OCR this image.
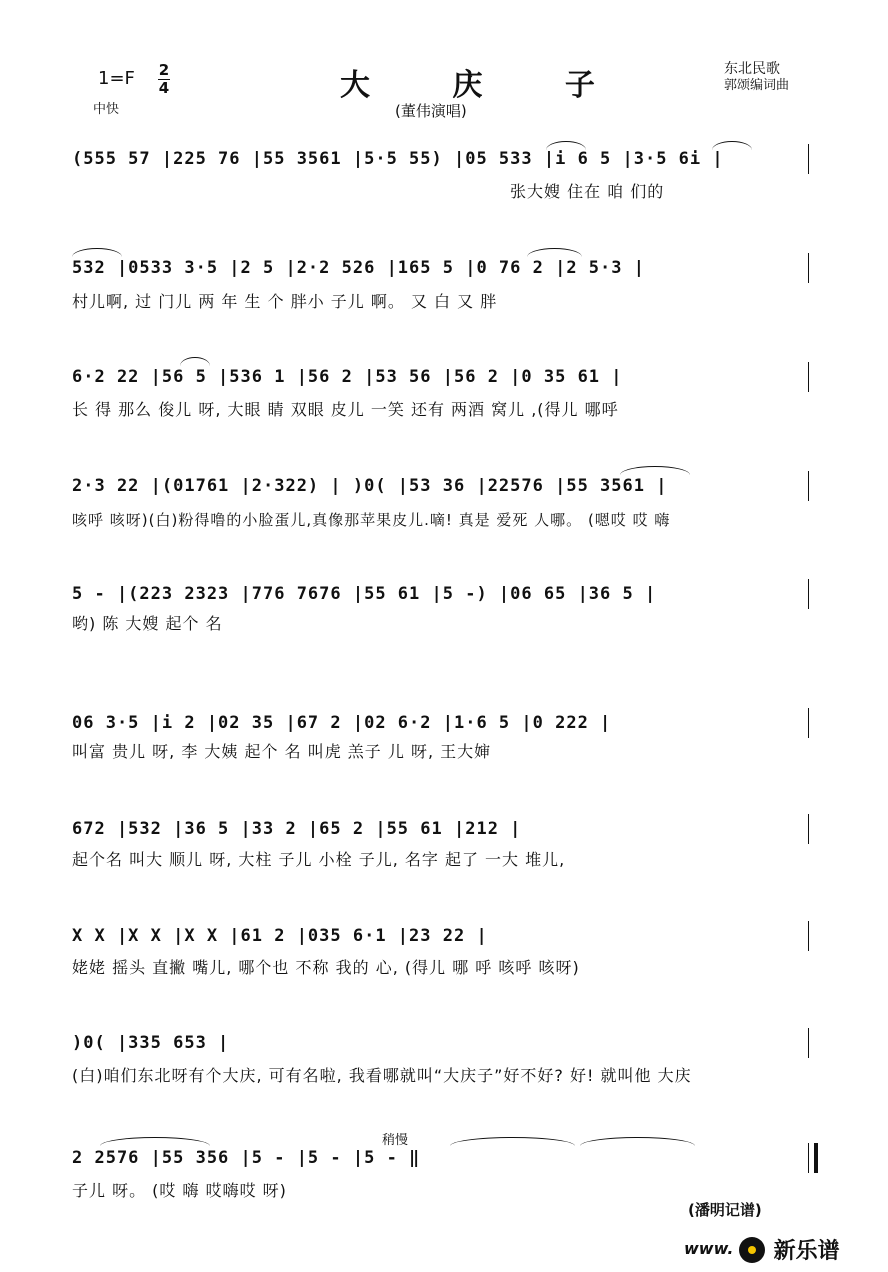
1=F 2
4
中快
大 庆 子
(董伟演唱)
东北民歌
郭颂编词曲
(555 57 |225 76 |55 3561 |5·5 55) |05 533 |i 6 5 |3·5 6i |
张大嫂 住在 咱 们的
532 |0533 3·5 |2 5 |2·2 526 |165 5 |0 76 2 |2 5·3 |
村儿啊, 过 门儿 两 年 生 个 胖小 子儿 啊。 又 白 又 胖
6·2 22 |56 5 |536 1 |56 2 |53 56 |56 2 |0 35 61 |
长 得 那么 俊儿 呀, 大眼 睛 双眼 皮儿 一笑 还有 两酒 窝儿 ,(得儿 哪呼
2·3 22 |(01761 |2·322) | )0( |53 36 |22576 |55 3561 |
咳呼 咳呀)(白)粉得噜的小脸蛋儿,真像那苹果皮儿.嘀! 真是 爱死 人哪。 (嗯哎 哎 嗨
5 - |(223 2323 |776 7676 |55 61 |5 -) |06 65 |36 5 |
哟) 陈 大嫂 起个 名
06 3·5 |i 2 |02 35 |67 2 |02 6·2 |1·6 5 |0 222 |
叫富 贵儿 呀, 李 大姨 起个 名 叫虎 羔子 儿 呀, 王大婶
672 |532 |36 5 |33 2 |65 2 |55 61 |212 |
起个名 叫大 顺儿 呀, 大柱 子儿 小栓 子儿, 名字 起了 一大 堆儿,
X X |X X |X X |61 2 |035 6·1 |23 22 |
姥姥 摇头 直撇 嘴儿, 哪个也 不称 我的 心, (得儿 哪 呼 咳呼 咳呀)
)0( |335 653 |
(白)咱们东北呀有个大庆, 可有名啦, 我看哪就叫“大庆子”好不好? 好! 就叫他 大庆
稍慢
2 2576 |55 356 |5 - |5 - |5 - ‖
子儿 呀。 (哎 嗨 哎嗨哎 呀)
(潘明记谱)
www. 新乐谱
